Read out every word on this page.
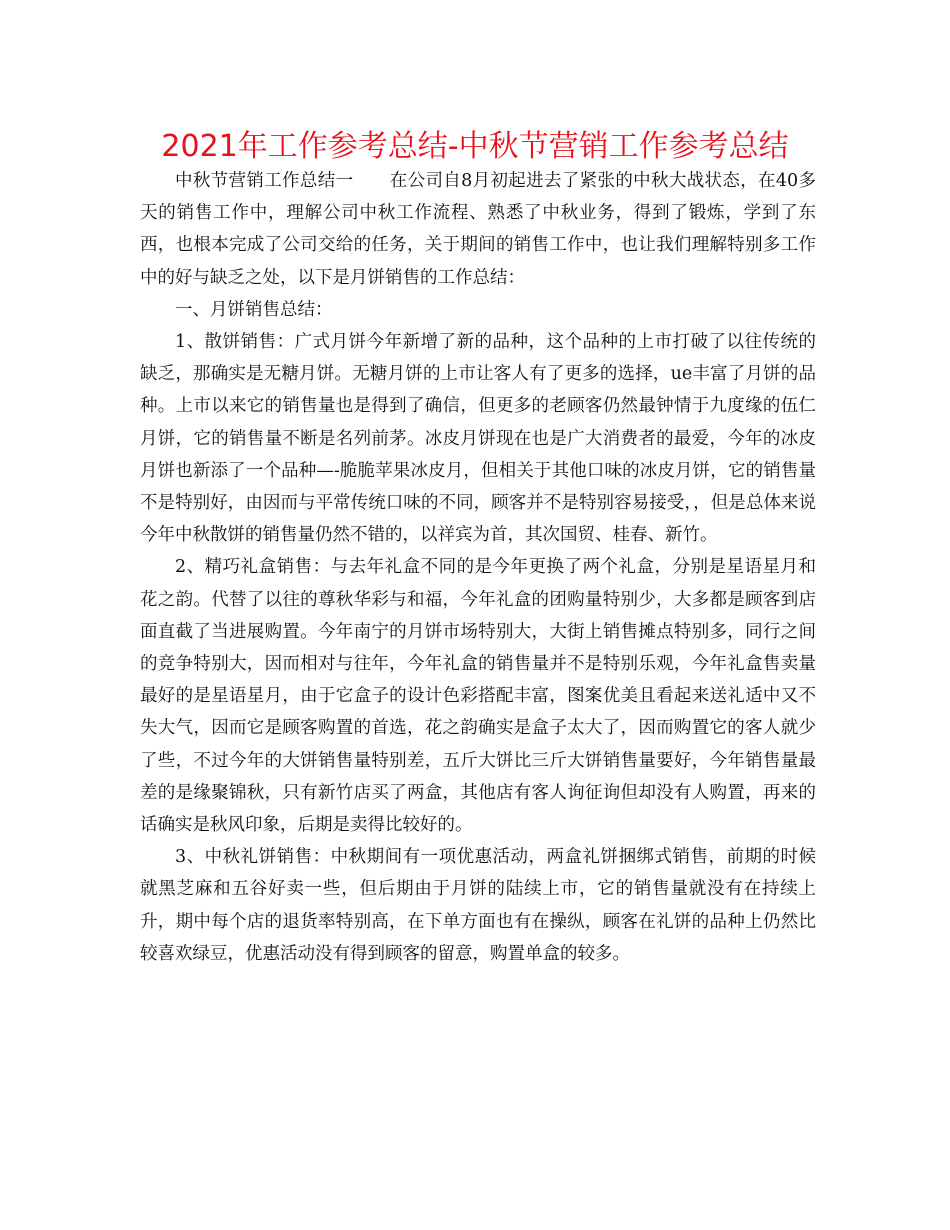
2021年工作参考总结-中秋节营销工作参考总结

中秋节营销工作总结一 在公司自8月初起进去了紧张的中秋大战状态，在40多天的销售工作中，理解公司中秋工作流程、熟悉了中秋业务，得到了锻炼，学到了东西，也根本完成了公司交给的任务，关于期间的销售工作中，也让我们理解特别多工作中的好与缺乏之处，以下是月饼销售的工作总结：

一、月饼销售总结：

1、散饼销售：广式月饼今年新增了新的品种，这个品种的上市打破了以往传统的缺乏，那确实是无糖月饼。无糖月饼的上市让客人有了更多的选择，ue丰富了月饼的品种。上市以来它的销售量也是得到了确信，但更多的老顾客仍然最钟情于九度缘的伍仁月饼，它的销售量不断是名列前茅。冰皮月饼现在也是广大消费者的最爱，今年的冰皮月饼也新添了一个品种—-脆脆苹果冰皮月，但相关于其他口味的冰皮月饼，它的销售量不是特别好，由因而与平常传统口味的不同，顾客并不是特别容易接受，，但是总体来说今年中秋散饼的销售量仍然不错的，以祥宾为首，其次国贸、桂春、新竹。

2、精巧礼盒销售：与去年礼盒不同的是今年更换了两个礼盒，分别是星语星月和花之韵。代替了以往的尊秋华彩与和福，今年礼盒的团购量特别少，大多都是顾客到店面直截了当进展购置。今年南宁的月饼市场特别大，大街上销售摊点特别多，同行之间的竞争特别大，因而相对与往年，今年礼盒的销售量并不是特别乐观，今年礼盒售卖量最好的是星语星月，由于它盒子的设计色彩搭配丰富，图案优美且看起来送礼适中又不失大气，因而它是顾客购置的首选，花之韵确实是盒子太大了，因而购置它的客人就少了些，不过今年的大饼销售量特别差，五斤大饼比三斤大饼销售量要好，今年销售量最差的是缘聚锦秋，只有新竹店买了两盒，其他店有客人询征询但却没有人购置，再来的话确实是秋风印象，后期是卖得比较好的。

3、中秋礼饼销售：中秋期间有一项优惠活动，两盒礼饼捆绑式销售，前期的时候就黑芝麻和五谷好卖一些，但后期由于月饼的陆续上市，它的销售量就没有在持续上升，期中每个店的退货率特别高，在下单方面也有在操纵，顾客在礼饼的品种上仍然比较喜欢绿豆，优惠活动没有得到顾客的留意，购置单盒的较多。
